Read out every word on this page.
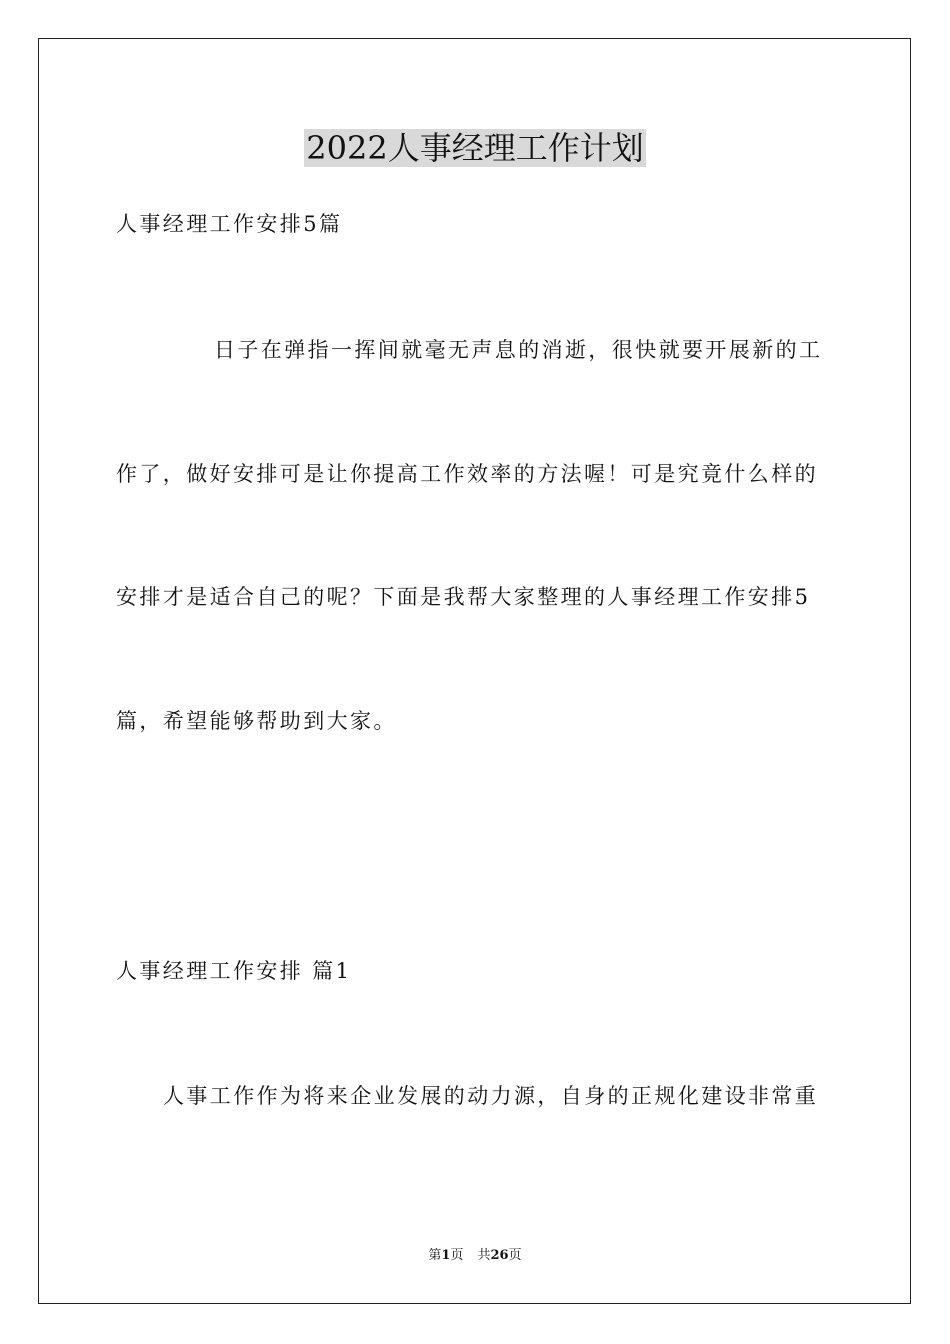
2022人事经理工作计划

人事经理工作安排5篇

日子在弹指一挥间就毫无声息的消逝，很快就要开展新的工

作了，做好安排可是让你提高工作效率的方法喔！可是究竟什么样的

安排才是适合自己的呢？下面是我帮大家整理的人事经理工作安排5

篇，希望能够帮助到大家。

人事经理工作安排 篇1

人事工作作为将来企业发展的动力源，自身的正规化建设非常重

第1页 共26页
